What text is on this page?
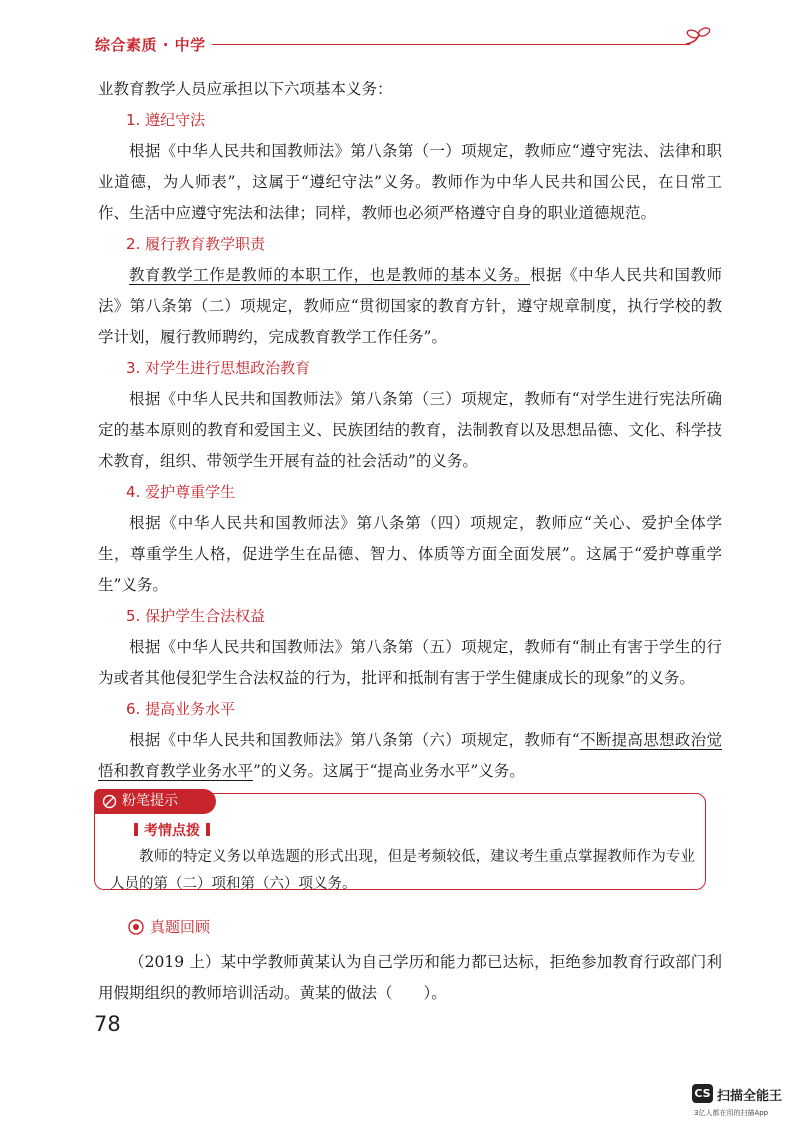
综合素质 · 中学

业教育教学人员应承担以下六项基本义务：

1. 遵纪守法

根据《中华人民共和国教师法》第八条第（一）项规定，教师应“遵守宪法、法律和职业道德，为人师表”，这属于“遵纪守法”义务。教师作为中华人民共和国公民，在日常工作、生活中应遵守宪法和法律；同样，教师也必须严格遵守自身的职业道德规范。

2. 履行教育教学职责

教育教学工作是教师的本职工作，也是教师的基本义务。根据《中华人民共和国教师法》第八条第（二）项规定，教师应“贯彻国家的教育方针，遵守规章制度，执行学校的教学计划，履行教师聘约，完成教育教学工作任务”。

3. 对学生进行思想政治教育

根据《中华人民共和国教师法》第八条第（三）项规定，教师有“对学生进行宪法所确定的基本原则的教育和爱国主义、民族团结的教育，法制教育以及思想品德、文化、科学技术教育，组织、带领学生开展有益的社会活动”的义务。

4. 爱护尊重学生

根据《中华人民共和国教师法》第八条第（四）项规定，教师应“关心、爱护全体学生，尊重学生人格，促进学生在品德、智力、体质等方面全面发展”。这属于“爱护尊重学生”义务。

5. 保护学生合法权益

根据《中华人民共和国教师法》第八条第（五）项规定，教师有“制止有害于学生的行为或者其他侵犯学生合法权益的行为，批评和抵制有害于学生健康成长的现象”的义务。

6. 提高业务水平

根据《中华人民共和国教师法》第八条第（六）项规定，教师有“不断提高思想政治觉悟和教育教学业务水平”的义务。这属于“提高业务水平”义务。

粉笔提示
考情点拨
教师的特定义务以单选题的形式出现，但是考频较低，建议考生重点掌握教师作为专业人员的第（二）项和第（六）项义务。
真题回顾
（2019 上）某中学教师黄某认为自己学历和能力都已达标，拒绝参加教育行政部门利用假期组织的教师培训活动。黄某的做法（　　）。
78
CS 扫描全能王
3亿人都在用的扫描App
